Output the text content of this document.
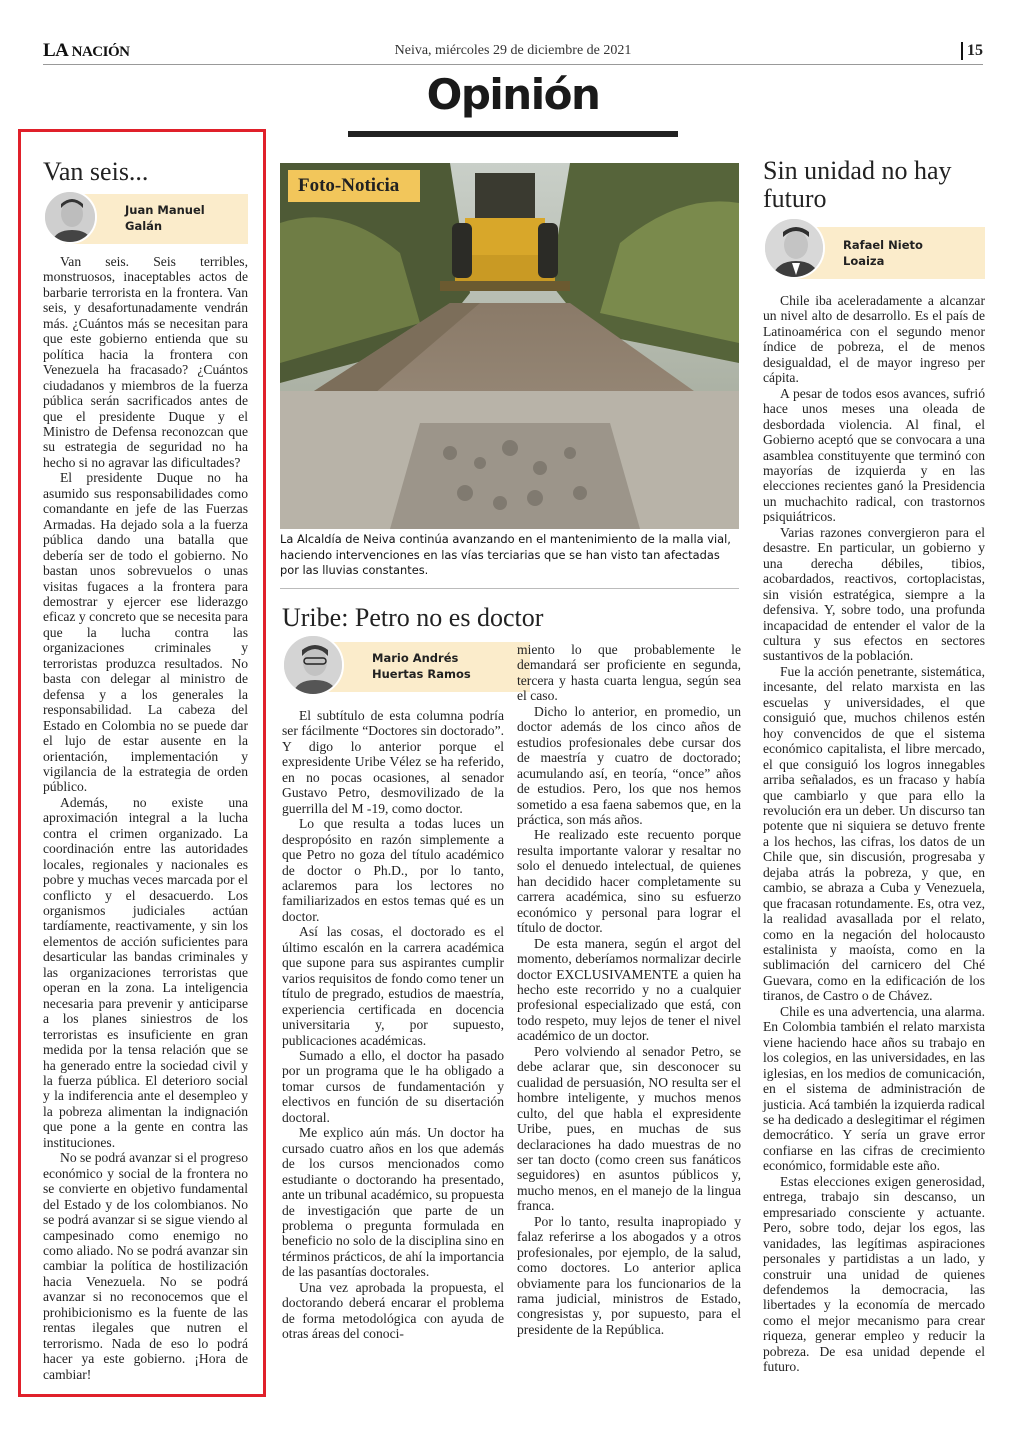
LA NACIÓN	Neiva, miércoles 29 de diciembre de 2021	15
Opinión
Van seis...
Juan Manuel
Galán

Van seis. Seis terribles, monstruosos, inaceptables actos de barbarie terrorista en la frontera. Van seis, y desafortunadamente vendrán más. ¿Cuántos más se necesitan para que este gobierno entienda que su política hacia la frontera con Venezuela ha fracasado? ¿Cuántos ciudadanos y miembros de la fuerza pública serán sacrificados antes de que el presidente Duque y el Ministro de Defensa reconozcan que su estrategia de seguridad no ha hecho si no agravar las dificultades?

El presidente Duque no ha asumido sus responsabilidades como comandante en jefe de las Fuerzas Armadas. Ha dejado sola a la fuerza pública dando una batalla que debería ser de todo el gobierno. No bastan unos sobrevuelos o unas visitas fugaces a la frontera para demostrar y ejercer ese liderazgo eficaz y concreto que se necesita para que la lucha contra las organizaciones criminales y terroristas produzca resultados. No basta con delegar al ministro de defensa y a los generales la responsabilidad. La cabeza del Estado en Colombia no se puede dar el lujo de estar ausente en la orientación, implementación y vigilancia de la estrategia de orden público.

Además, no existe una aproximación integral a la lucha contra el crimen organizado. La coordinación entre las autoridades locales, regionales y nacionales es pobre y muchas veces marcada por el conflicto y el desacuerdo. Los organismos judiciales actúan tardíamente, reactivamente, y sin los elementos de acción suficientes para desarticular las bandas criminales y las organizaciones terroristas que operan en la zona. La inteligencia necesaria para prevenir y anticiparse a los planes siniestros de los terroristas es insuficiente en gran medida por la tensa relación que se ha generado entre la sociedad civil y la fuerza pública. El deterioro social y la indiferencia ante el desempleo y la pobreza alimentan la indignación que pone a la gente en contra las instituciones.

No se podrá avanzar si el progreso económico y social de la frontera no se convierte en objetivo fundamental del Estado y de los colombianos. No se podrá avanzar si se sigue viendo al campesinado como enemigo no como aliado. No se podrá avanzar sin cambiar la política de hostilización hacia Venezuela. No se podrá avanzar si no reconocemos que el prohibicionismo es la fuente de las rentas ilegales que nutren el terrorismo. Nada de eso lo podrá hacer ya este gobierno. ¡Hora de cambiar!

Foto-Noticia
La Alcaldía de Neiva continúa avanzando en el mantenimiento de la malla vial, haciendo intervenciones en las vías terciarias que se han visto tan afectadas por las lluvias constantes.
Uribe: Petro no es doctor
Mario Andrés
Huertas Ramos

El subtítulo de esta columna podría ser fácilmente “Doctores sin doctorado”. Y digo lo anterior porque el expresidente Uribe Vélez se ha referido, en no pocas ocasiones, al senador Gustavo Petro, desmovilizado de la guerrilla del M -19, como doctor.

Lo que resulta a todas luces un despropósito en razón simplemente a que Petro no goza del título académico de doctor o Ph.D., por lo tanto, aclaremos para los lectores no familiarizados en estos temas qué es un doctor.

Así las cosas, el doctorado es el último escalón en la carrera académica que supone para sus aspirantes cumplir varios requisitos de fondo como tener un título de pregrado, estudios de maestría, experiencia certificada en docencia universitaria y, por supuesto, publicaciones académicas.

Sumado a ello, el doctor ha pasado por un programa que le ha obligado a tomar cursos de fundamentación y electivos en función de su disertación doctoral.

Me explico aún más. Un doctor ha cursado cuatro años en los que además de los cursos mencionados como estudiante o doctorando ha presentado, ante un tribunal académico, su propuesta de investigación que parte de un problema o pregunta formulada en beneficio no solo de la disciplina sino en términos prácticos, de ahí la importancia de las pasantías doctorales.

Una vez aprobada la propuesta, el doctorando deberá encarar el problema de forma metodológica con ayuda de otras áreas del conoci-

miento lo que probablemente le demandará ser proficiente en segunda, tercera y hasta cuarta lengua, según sea el caso.

Dicho lo anterior, en promedio, un doctor además de los cinco años de estudios profesionales debe cursar dos de maestría y cuatro de doctorado; acumulando así, en teoría, “once” años de estudios. Pero, los que nos hemos sometido a esa faena sabemos que, en la práctica, son más años.

He realizado este recuento porque resulta importante valorar y resaltar no solo el denuedo intelectual, de quienes han decidido hacer completamente su carrera académica, sino su esfuerzo económico y personal para lograr el título de doctor.

De esta manera, según el argot del momento, deberíamos normalizar decirle doctor EXCLUSIVAMENTE a quien ha hecho este recorrido y no a cualquier profesional especializado que está, con todo respeto, muy lejos de tener el nivel académico de un doctor.

Pero volviendo al senador Petro, se debe aclarar que, sin desconocer su cualidad de persuasión, NO resulta ser el hombre inteligente, y muchos menos culto, del que habla el expresidente Uribe, pues, en muchas de sus declaraciones ha dado muestras de no ser tan docto (como creen sus fanáticos seguidores) en asuntos públicos y, mucho menos, en el manejo de la lingua franca.

Por lo tanto, resulta inapropiado y falaz referirse a los abogados y a otros profesionales, por ejemplo, de la salud, como doctores. Lo anterior aplica obviamente para los funcionarios de la rama judicial, ministros de Estado, congresistas y, por supuesto, para el presidente de la República.

Sin unidad no hay futuro
Rafael Nieto
Loaiza

Chile iba aceleradamente a alcanzar un nivel alto de desarrollo. Es el país de Latinoamérica con el segundo menor índice de pobreza, el de menos desigualdad, el de mayor ingreso per cápita.

A pesar de todos esos avances, sufrió hace unos meses una oleada de desbordada violencia. Al final, el Gobierno aceptó que se convocara a una asamblea constituyente que terminó con mayorías de izquierda y en las elecciones recientes ganó la Presidencia un muchachito radical, con trastornos psiquiátricos.

Varias razones convergieron para el desastre. En particular, un gobierno y una derecha débiles, tibios, acobardados, reactivos, cortoplacistas, sin visión estratégica, siempre a la defensiva. Y, sobre todo, una profunda incapacidad de entender el valor de la cultura y sus efectos en sectores sustantivos de la población.

Fue la acción penetrante, sistemática, incesante, del relato marxista en las escuelas y universidades, el que consiguió que, muchos chilenos estén hoy convencidos de que el sistema económico capitalista, el libre mercado, el que consiguió los logros innegables arriba señalados, es un fracaso y había que cambiarlo y que para ello la revolución era un deber. Un discurso tan potente que ni siquiera se detuvo frente a los hechos, las cifras, los datos de un Chile que, sin discusión, progresaba y dejaba atrás la pobreza, y que, en cambio, se abraza a Cuba y Venezuela, que fracasan rotundamente. Es, otra vez, la realidad avasallada por el relato, como en la negación del holocausto estalinista y maoísta, como en la sublimación del carnicero del Ché Guevara, como en la edificación de los tiranos, de Castro o de Chávez.

Chile es una advertencia, una alarma. En Colombia también el relato marxista viene haciendo hace años su trabajo en los colegios, en las universidades, en las iglesias, en los medios de comunicación, en el sistema de administración de justicia. Acá también la izquierda radical se ha dedicado a deslegitimar el régimen democrático. Y sería un grave error confiarse en las cifras de crecimiento económico, formidable este año.

Estas elecciones exigen generosidad, entrega, trabajo sin descanso, un empresariado consciente y actuante. Pero, sobre todo, dejar los egos, las vanidades, las legítimas aspiraciones personales y partidistas a un lado, y construir una unidad de quienes defendemos la democracia, las libertades y la economía de mercado como el mejor mecanismo para crear riqueza, generar empleo y reducir la pobreza. De esa unidad depende el futuro.
